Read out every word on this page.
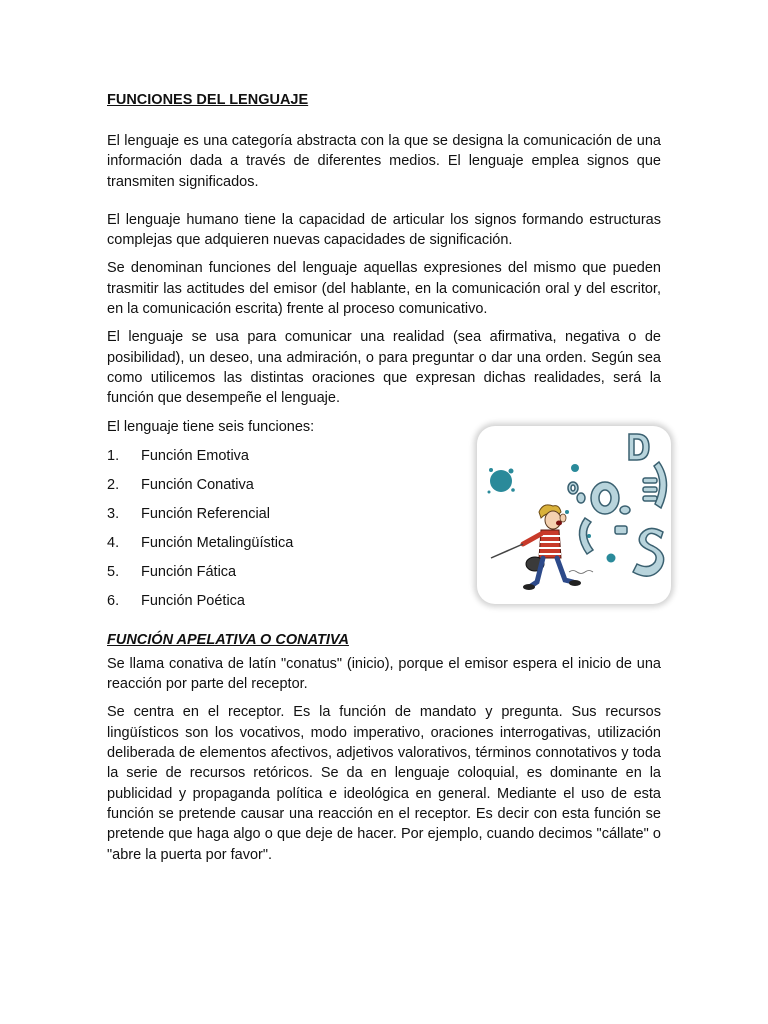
FUNCIONES DEL LENGUAJE

El lenguaje es una categoría abstracta con la que se designa la comunicación de una información dada a través de diferentes medios. El lenguaje emplea signos que transmiten significados.

El lenguaje humano tiene la capacidad de articular los signos formando estructuras complejas que adquieren nuevas capacidades de significación.

Se denominan funciones del lenguaje aquellas expresiones del mismo que pueden trasmitir las actitudes del emisor (del hablante, en la comunicación oral y del escritor, en la comunicación escrita) frente al proceso comunicativo.

El lenguaje se usa para comunicar una realidad (sea afirmativa, negativa o de posibilidad), un deseo, una admiración, o para preguntar o dar una orden. Según sea como utilicemos las distintas oraciones que expresan dichas realidades, será la función que desempeñe el lenguaje.

El lenguaje tiene seis funciones:

1.	Función Emotiva
2.	Función Conativa
3.	Función Referencial
4.	Función Metalingüística
5.	Función Fática
6.	Función Poética
FUNCIÓN APELATIVA O CONATIVA

Se llama conativa de latín "conatus" (inicio), porque el emisor espera el inicio de una reacción por parte del receptor.

Se centra en el receptor. Es la función de mandato y pregunta. Sus recursos lingüísticos son los vocativos, modo imperativo, oraciones interrogativas, utilización deliberada de elementos afectivos, adjetivos valorativos, términos connotativos y toda la serie de recursos retóricos. Se da en lenguaje coloquial, es dominante en la publicidad y propaganda política e ideológica en general. Mediante el uso de esta función se pretende causar una reacción en el receptor. Es decir con esta función se pretende que haga algo o que deje de hacer. Por ejemplo, cuando decimos "cállate" o "abre la puerta por favor".
